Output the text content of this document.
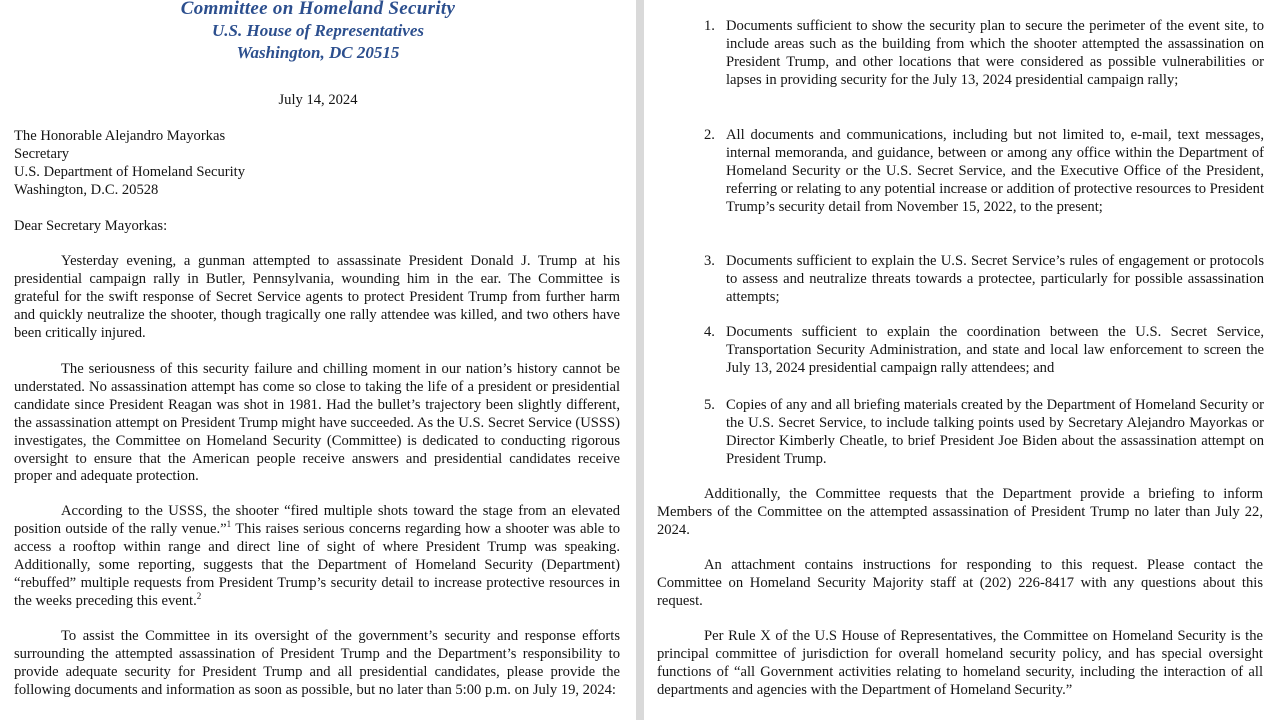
Committee on Homeland Security
U.S. House of Representatives
Washington, DC 20515
July 14, 2024
The Honorable Alejandro Mayorkas
Secretary
U.S. Department of Homeland Security
Washington, D.C. 20528
Dear Secretary Mayorkas:
Yesterday evening, a gunman attempted to assassinate President Donald J. Trump at his presidential campaign rally in Butler, Pennsylvania, wounding him in the ear. The Committee is grateful for the swift response of Secret Service agents to protect President Trump from further harm and quickly neutralize the shooter, though tragically one rally attendee was killed, and two others have been critically injured.
The seriousness of this security failure and chilling moment in our nation’s history cannot be understated. No assassination attempt has come so close to taking the life of a president or presidential candidate since President Reagan was shot in 1981. Had the bullet’s trajectory been slightly different, the assassination attempt on President Trump might have succeeded. As the U.S. Secret Service (USSS) investigates, the Committee on Homeland Security (Committee) is dedicated to conducting rigorous oversight to ensure that the American people receive answers and presidential candidates receive proper and adequate protection.
According to the USSS, the shooter “fired multiple shots toward the stage from an elevated position outside of the rally venue.”$^1$ This raises serious concerns regarding how a shooter was able to access a rooftop within range and direct line of sight of where President Trump was speaking. Additionally, some reporting, suggests that the Department of Homeland Security (Department) “rebuffed” multiple requests from President Trump’s security detail to increase protective resources in the weeks preceding this event.$^2$
To assist the Committee in its oversight of the government’s security and response efforts surrounding the attempted assassination of President Trump and the Department’s responsibility to provide adequate security for President Trump and all presidential candidates, please provide the following documents and information as soon as possible, but no later than 5:00 p.m. on July 19, 2024:
1. Documents sufficient to show the security plan to secure the perimeter of the event site, to include areas such as the building from which the shooter attempted the assassination on President Trump, and other locations that were considered as possible vulnerabilities or lapses in providing security for the July 13, 2024 presidential campaign rally;
2. All documents and communications, including but not limited to, e-mail, text messages, internal memoranda, and guidance, between or among any office within the Department of Homeland Security or the U.S. Secret Service, and the Executive Office of the President, referring or relating to any potential increase or addition of protective resources to President Trump’s security detail from November 15, 2022, to the present;
3. Documents sufficient to explain the U.S. Secret Service’s rules of engagement or protocols to assess and neutralize threats towards a protectee, particularly for possible assassination attempts;
4. Documents sufficient to explain the coordination between the U.S. Secret Service, Transportation Security Administration, and state and local law enforcement to screen the July 13, 2024 presidential campaign rally attendees; and
5. Copies of any and all briefing materials created by the Department of Homeland Security or the U.S. Secret Service, to include talking points used by Secretary Alejandro Mayorkas or Director Kimberly Cheatle, to brief President Joe Biden about the assassination attempt on President Trump.
Additionally, the Committee requests that the Department provide a briefing to inform Members of the Committee on the attempted assassination of President Trump no later than July 22, 2024.
An attachment contains instructions for responding to this request. Please contact the Committee on Homeland Security Majority staff at (202) 226-8417 with any questions about this request.
Per Rule X of the U.S House of Representatives, the Committee on Homeland Security is the principal committee of jurisdiction for overall homeland security policy, and has special oversight functions of “all Government activities relating to homeland security, including the interaction of all departments and agencies with the Department of Homeland Security.”
